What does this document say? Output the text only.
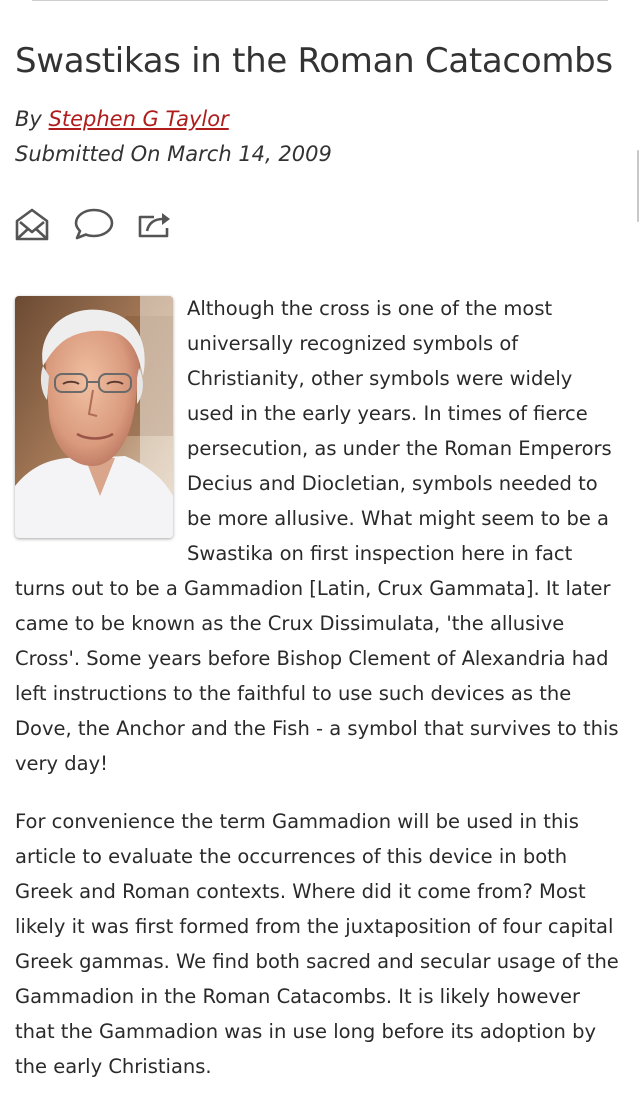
Swastikas in the Roman Catacombs
By Stephen G Taylor
Submitted On March 14, 2009

Although the cross is one of the most universally recognized symbols of Christianity, other symbols were widely used in the early years. In times of fierce persecution, as under the Roman Emperors Decius and Diocletian, symbols needed to be more allusive. What might seem to be a Swastika on first inspection here in fact turns out to be a Gammadion [Latin, Crux Gammata]. It later came to be known as the Crux Dissimulata, 'the allusive Cross'. Some years before Bishop Clement of Alexandria had left instructions to the faithful to use such devices as the Dove, the Anchor and the Fish - a symbol that survives to this very day!

For convenience the term Gammadion will be used in this article to evaluate the occurrences of this device in both Greek and Roman contexts. Where did it come from? Most likely it was first formed from the juxtaposition of four capital Greek gammas. We find both sacred and secular usage of the Gammadion in the Roman Catacombs. It is likely however that the Gammadion was in use long before its adoption by the early Christians.
